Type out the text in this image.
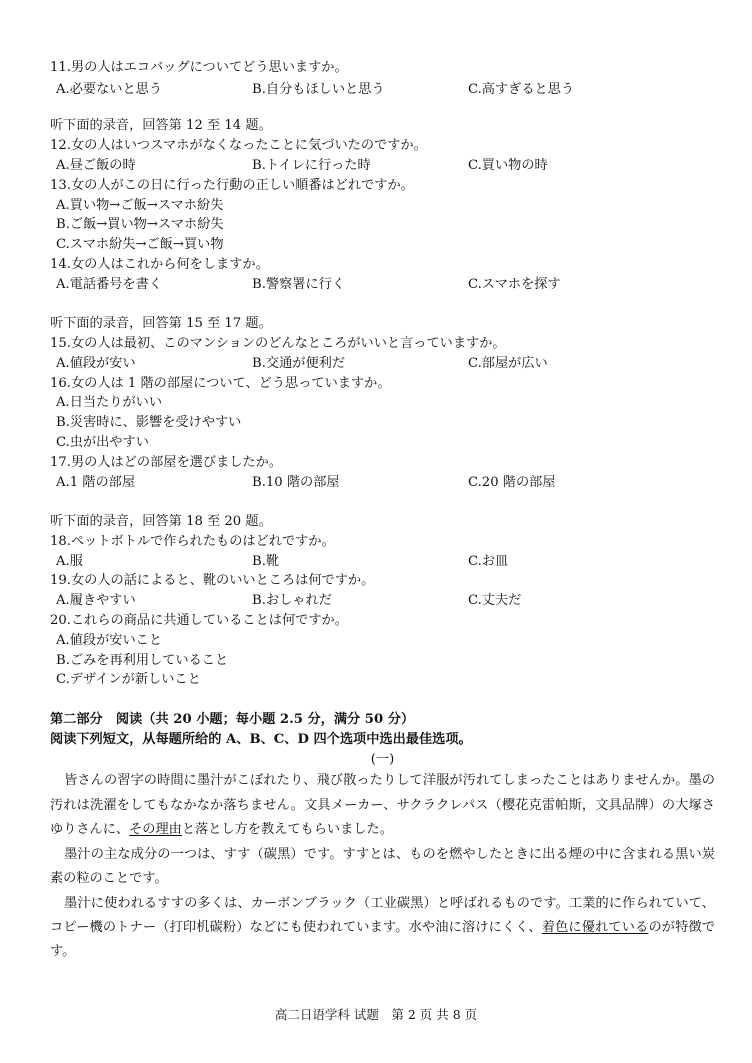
11.男の人はエコバッグについてどう思いますか。
A.必要ないと思う	B.自分もほしいと思う	C.高すぎると思う
听下面的录音，回答第 12 至 14 题。
12.女の人はいつスマホがなくなったことに気づいたのですか。
A.昼ご飯の時	B.トイレに行った時	C.買い物の時
13.女の人がこの日に行った行動の正しい順番はどれですか。
A.買い物→ご飯→スマホ紛失
B.ご飯→買い物→スマホ紛失
C.スマホ紛失→ご飯→買い物
14.女の人はこれから何をしますか。
A.電話番号を書く	B.警察署に行く	C.スマホを探す
听下面的录音，回答第 15 至 17 题。
15.女の人は最初、このマンションのどんなところがいいと言っていますか。
A.値段が安い	B.交通が便利だ	C.部屋が広い
16.女の人は 1 階の部屋について、どう思っていますか。
A.日当たりがいい
B.災害時に、影響を受けやすい
C.虫が出やすい
17.男の人はどの部屋を選びましたか。
A.1 階の部屋	B.10 階の部屋	C.20 階の部屋
听下面的录音，回答第 18 至 20 题。
18.ペットボトルで作られたものはどれですか。
A.服	B.靴	C.お皿
19.女の人の話によると、靴のいいところは何ですか。
A.履きやすい	B.おしゃれだ	C.丈夫だ
20.これらの商品に共通していることは何ですか。
A.値段が安いこと
B.ごみを再利用していること
C.デザインが新しいこと
第二部分　阅读（共 20 小题；每小题 2.5 分，满分 50 分）
阅读下列短文，从每题所给的 A、B、C、D 四个选项中选出最佳选项。
(一)
皆さんの習字の時間に墨汁がこぼれたり、飛び散ったりして洋服が汚れてしまったことはありませんか。墨の汚れは洗濯をしてもなかなか落ちません。文具メーカー、サクラクレパス（樱花克雷帕斯，文具品牌）の大塚さゆりさんに、その理由と落とし方を教えてもらいました。
墨汁の主な成分の一つは、すす（碳黑）です。すすとは、ものを燃やしたときに出る煙の中に含まれる黒い炭素の粒のことです。
墨汁に使われるすすの多くは、カーボンブラック（工业碳黑）と呼ばれるものです。工業的に作られていて、コピー機のトナー（打印机碳粉）などにも使われています。水や油に溶けにくく、着色に優れているのが特徴です。
高二日语学科 试题　第 2 页 共 8 页
